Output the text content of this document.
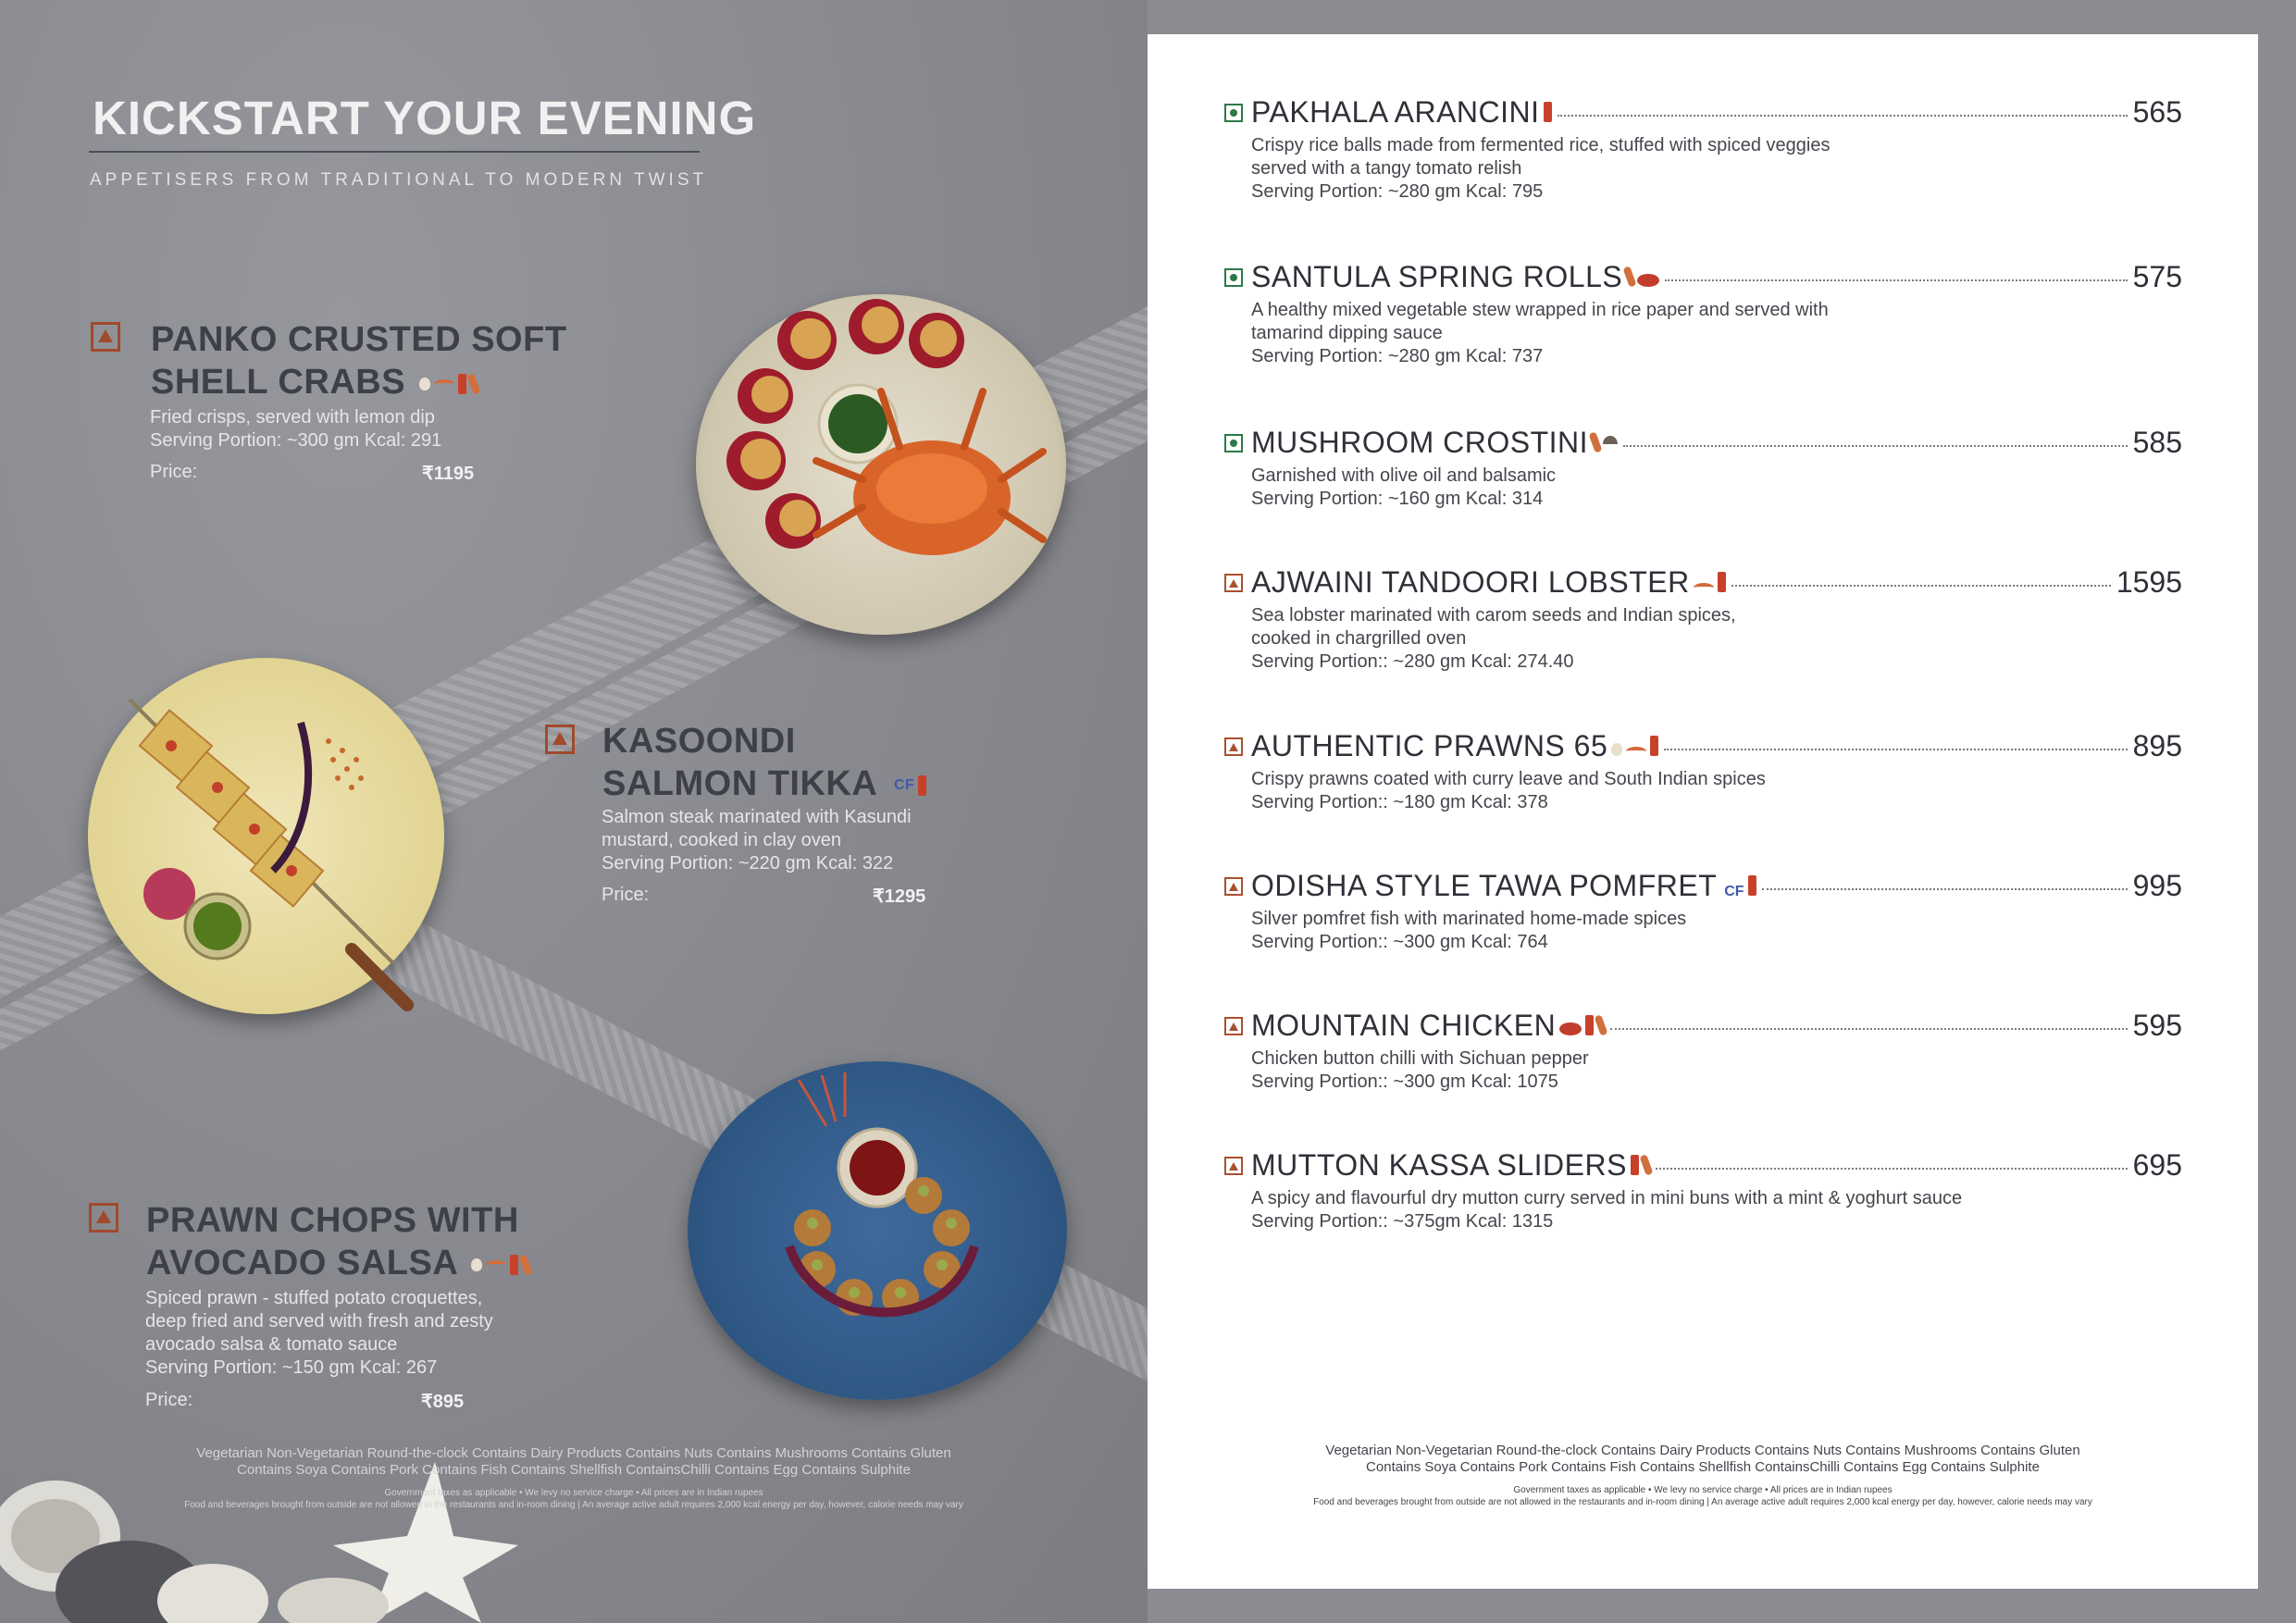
KICKSTART YOUR EVENING
APPETISERS FROM TRADITIONAL TO MODERN TWIST
PANKO CRUSTED SOFT
SHELL CRABS
Fried crisps, served with lemon dip
Serving Portion: ~300 gm Kcal: 291
Price:	₹1195
KASOONDI
SALMON TIKKA CF
Salmon steak marinated with Kasundi
mustard, cooked in clay oven
Serving Portion: ~220 gm Kcal: 322
Price:	₹1295
PRAWN CHOPS WITH
AVOCADO SALSA
Spiced prawn - stuffed potato croquettes,
deep fried and served with fresh and zesty
avocado salsa & tomato sauce
Serving Portion: ~150 gm Kcal: 267
Price:	₹895
Vegetarian Non-Vegetarian Round-the-clock Contains Dairy Products Contains Nuts Contains Mushrooms Contains Gluten
Contains Soya Contains Pork Contains Fish Contains Shellfish ContainsChilli Contains Egg Contains Sulphite
Government taxes as applicable • We levy no service charge • All prices are in Indian rupees
Food and beverages brought from outside are not allowed in the restaurants and in-room dining | An average active adult requires 2,000 kcal energy per day, however, calorie needs may vary
PAKHALA ARANCINI	565
Crispy rice balls made from fermented rice, stuffed with spiced veggies
served with a tangy tomato relish
Serving Portion: ~280 gm Kcal: 795
SANTULA SPRING ROLLS	575
A healthy mixed vegetable stew wrapped in rice paper and served with
tamarind dipping sauce
Serving Portion: ~280 gm Kcal: 737
MUSHROOM CROSTINI	585
Garnished with olive oil and balsamic
Serving Portion: ~160 gm Kcal: 314
AJWAINI TANDOORI LOBSTER	1595
Sea lobster marinated with carom seeds and Indian spices,
cooked in chargrilled oven
Serving Portion:: ~280 gm Kcal: 274.40
AUTHENTIC PRAWNS 65	895
Crispy prawns coated with curry leave and South Indian spices
Serving Portion:: ~180 gm Kcal: 378
ODISHA STYLE TAWA POMFRET CF	995
Silver pomfret fish with marinated home-made spices
Serving Portion:: ~300 gm Kcal: 764
MOUNTAIN CHICKEN	595
Chicken button chilli with Sichuan pepper
Serving Portion:: ~300 gm Kcal: 1075
MUTTON KASSA SLIDERS	695
A spicy and flavourful dry mutton curry served in mini buns with a mint & yoghurt sauce
Serving Portion:: ~375gm Kcal: 1315
Vegetarian Non-Vegetarian Round-the-clock Contains Dairy Products Contains Nuts Contains Mushrooms Contains Gluten
Contains Soya Contains Pork Contains Fish Contains Shellfish ContainsChilli Contains Egg Contains Sulphite
Government taxes as applicable • We levy no service charge • All prices are in Indian rupees
Food and beverages brought from outside are not allowed in the restaurants and in-room dining | An average active adult requires 2,000 kcal energy per day, however, calorie needs may vary
